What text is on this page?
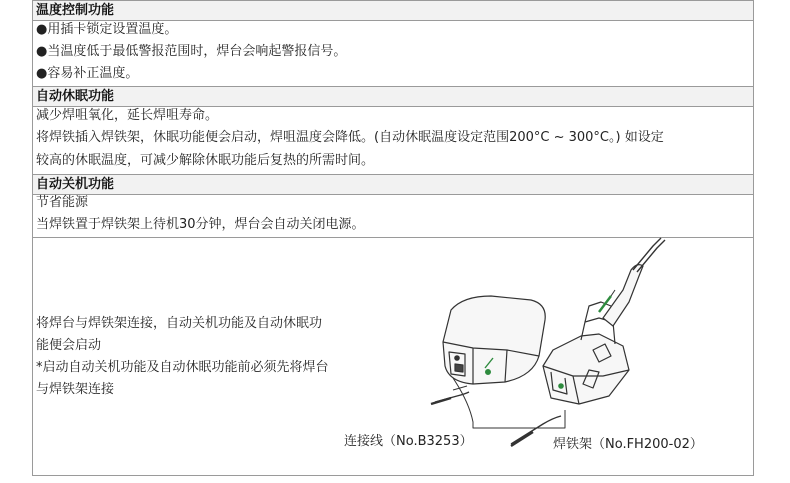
温度控制功能
●用插卡锁定设置温度。
●当温度低于最低警报范围时，焊台会响起警报信号。
●容易补正温度。
自动休眠功能
减少焊咀氧化，延长焊咀寿命。
将焊铁插入焊铁架，休眠功能便会启动，焊咀温度会降低。(自动休眠温度设定范围200°C ~ 300°C。) 如设定
较高的休眠温度，可减少解除休眠功能后复热的所需时间。
自动关机功能
节省能源
当焊铁置于焊铁架上待机30分钟，焊台会自动关闭电源。
将焊台与焊铁架连接，自动关机功能及自动休眠功
能便会启动
*启动自动关机功能及自动休眠功能前必须先将焊台
与焊铁架连接
连接线（No.B3253）	焊铁架（No.FH200-02）
